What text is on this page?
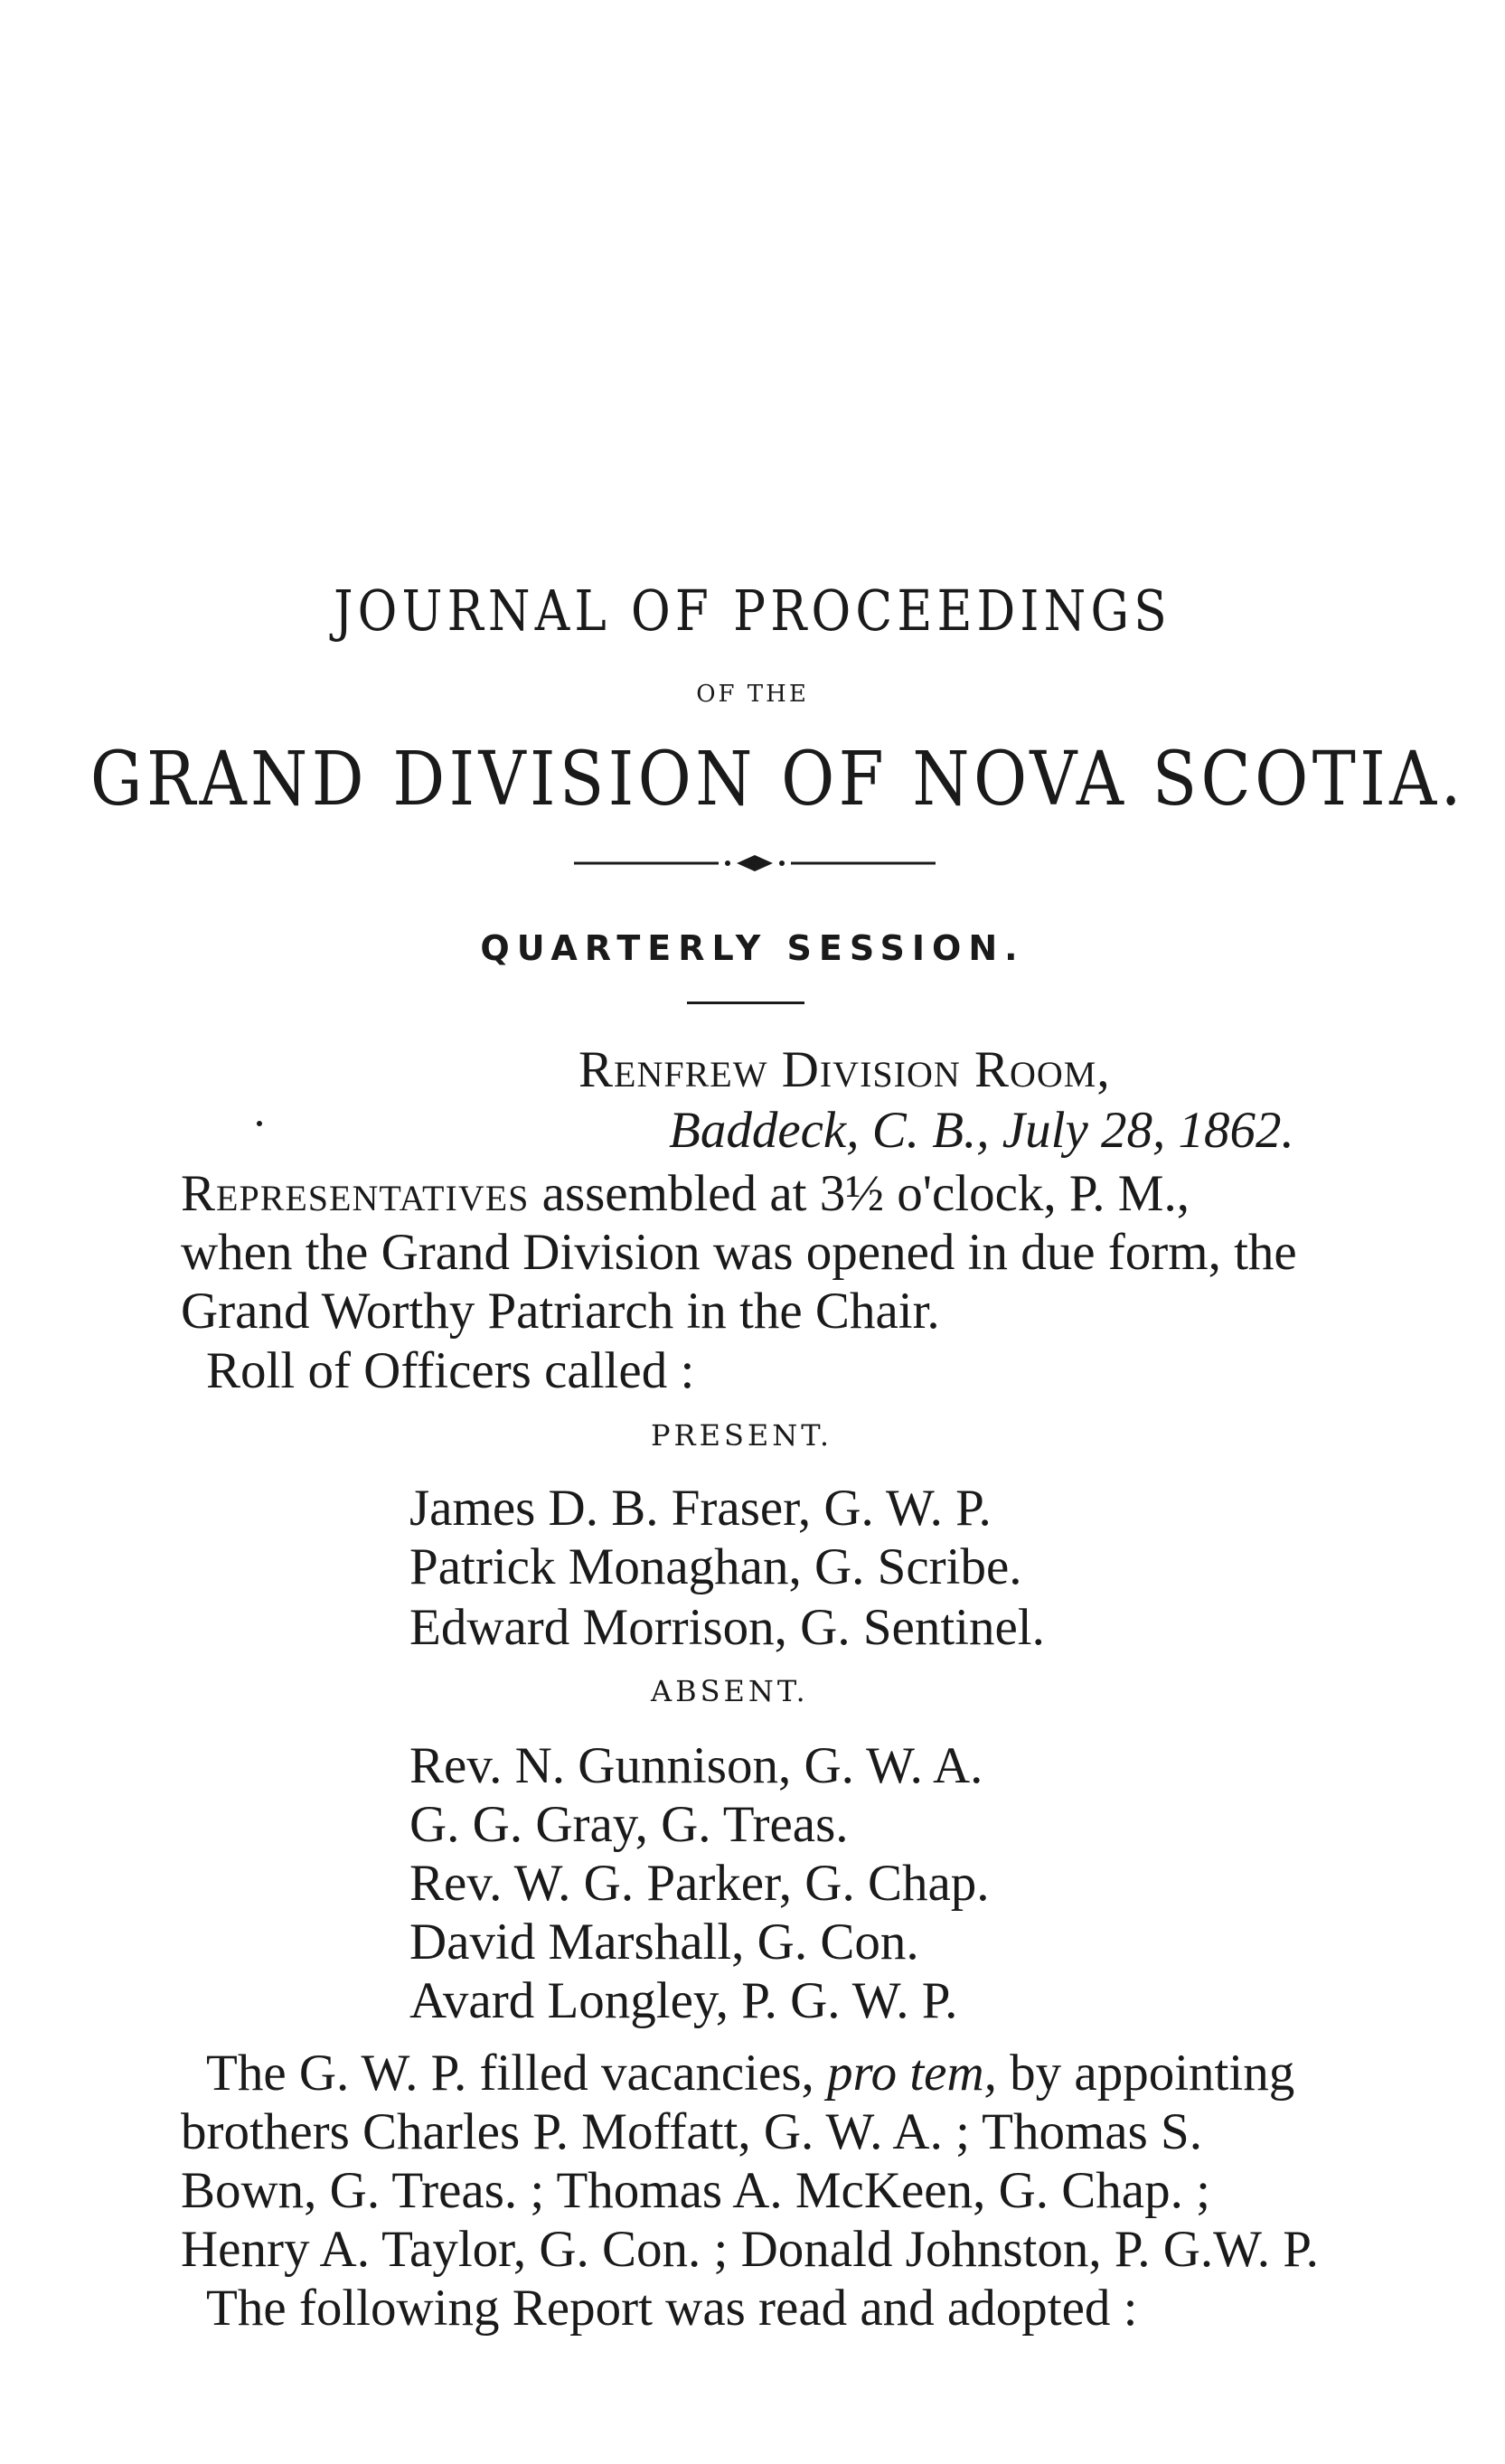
JOURNAL OF PROCEEDINGS
OF THE
GRAND DIVISION OF NOVA SCOTIA.
QUARTERLY SESSION.
Renfrew Division Room,
Baddeck, C. B., July 28, 1862.
Representatives assembled at 3½ o'clock, P. M.,
when the Grand Division was opened in due form, the
Grand Worthy Patriarch in the Chair.
Roll of Officers called :
PRESENT.
James D. B. Fraser, G. W. P.
Patrick Monaghan, G. Scribe.
Edward Morrison, G. Sentinel.
ABSENT.
Rev. N. Gunnison, G. W. A.
G. G. Gray, G. Treas.
Rev. W. G. Parker, G. Chap.
David Marshall, G. Con.
Avard Longley, P. G. W. P.
The G. W. P. filled vacancies, pro tem, by appointing
brothers Charles P. Moffatt, G. W. A. ; Thomas S.
Bown, G. Treas. ; Thomas A. McKeen, G. Chap. ;
Henry A. Taylor, G. Con. ; Donald Johnston, P. G.W. P.
The following Report was read and adopted :
